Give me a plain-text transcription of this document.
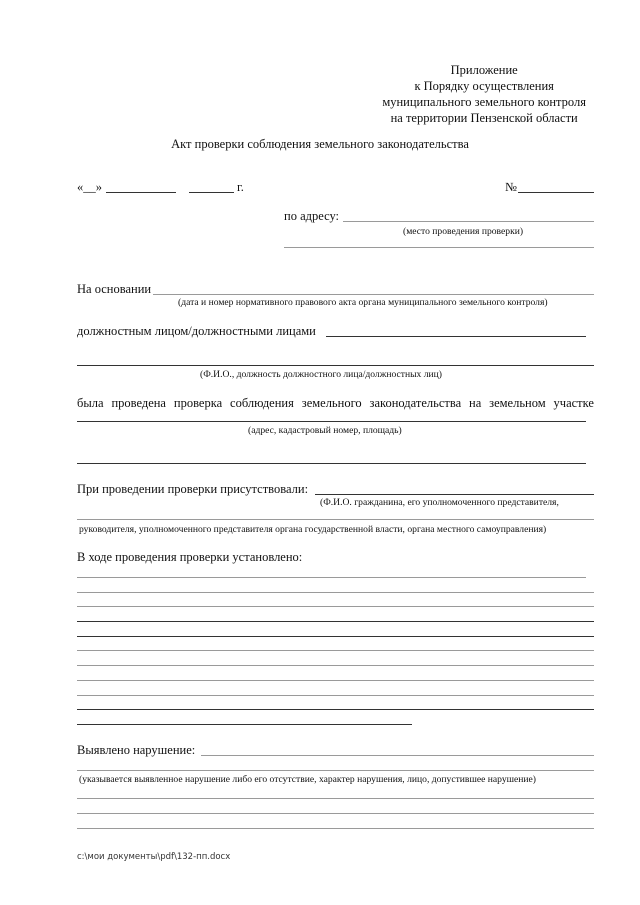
Приложение
к Порядку осуществления
муниципального земельного контроля
на территории Пензенской области
Акт проверки соблюдения земельного законодательства
«__»	г.	№
по адресу:
(место проведения проверки)
На основании
(дата и номер нормативного правового акта органа муниципального земельного контроля)
должностным лицом/должностными лицами
(Ф.И.О., должность должностного лица/должностных лиц)
была проведена проверка соблюдения земельного законодательства на земельном участке
(адрес, кадастровый номер, площадь)
При проведении проверки присутствовали:
(Ф.И.О. гражданина, его уполномоченного представителя,
руководителя, уполномоченного представителя органа государственной власти, органа местного самоуправления)
В ходе проведения проверки установлено:
Выявлено нарушение:
(указывается выявленное нарушение либо его отсутствие, характер нарушения, лицо, допустившее нарушение)
c:\мои документы\pdf\132-пп.docx
